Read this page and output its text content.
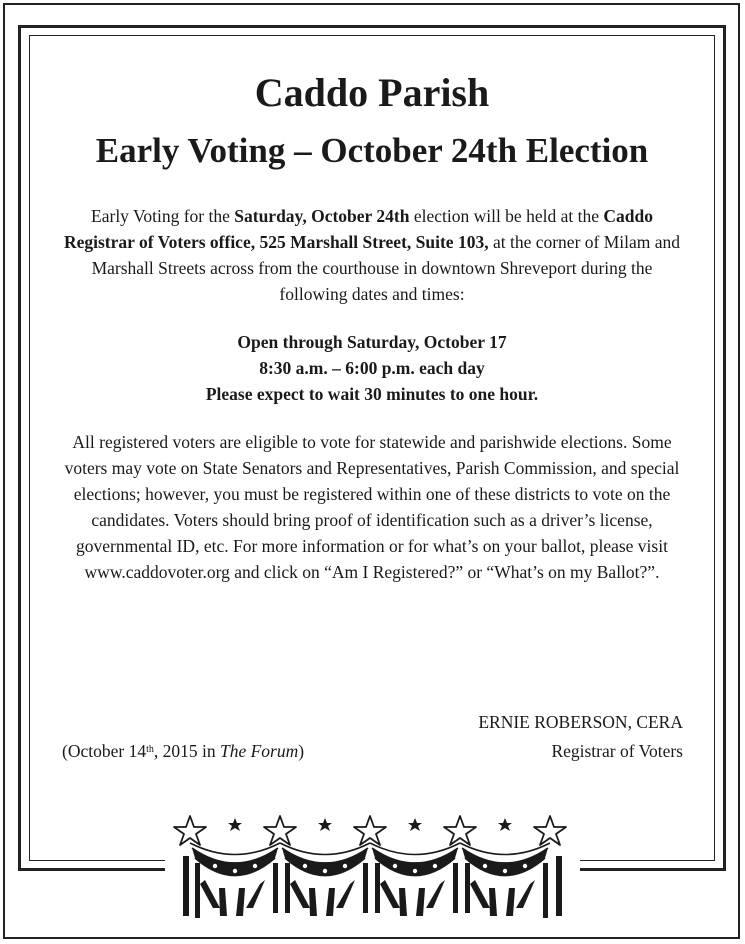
Caddo Parish
Early Voting – October 24th Election
Early Voting for the Saturday, October 24th election will be held at the Caddo Registrar of Voters office, 525 Marshall Street, Suite 103, at the corner of Milam and Marshall Streets across from the courthouse in downtown Shreveport during the following dates and times:
Open through Saturday, October 17
8:30 a.m. – 6:00 p.m. each day
Please expect to wait 30 minutes to one hour.
All registered voters are eligible to vote for statewide and parishwide elections. Some voters may vote on State Senators and Representatives, Parish Commission, and special elections; however, you must be registered within one of these districts to vote on the candidates. Voters should bring proof of identification such as a driver’s license, governmental ID, etc. For more information or for what’s on your ballot, please visit www.caddovoter.org and click on “Am I Registered?” or “What’s on my Ballot?”.
ERNIE ROBERSON, CERA
Registrar of Voters
(October 14th, 2015 in The Forum)
